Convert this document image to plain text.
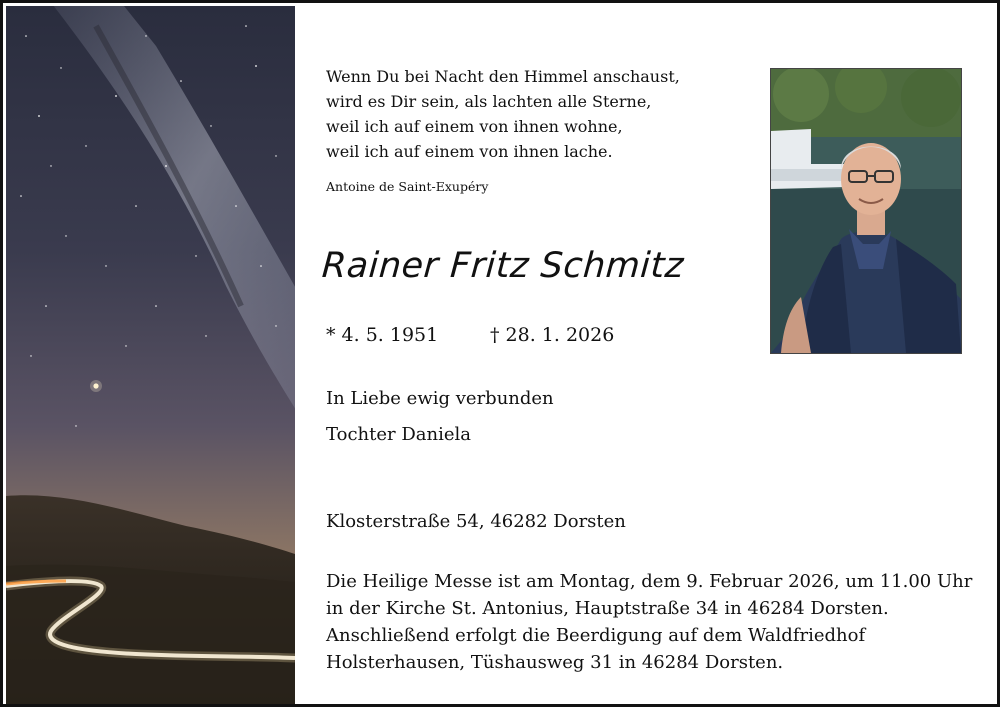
Wenn Du bei Nacht den Himmel anschaust,
wird es Dir sein, als lachten alle Sterne,
weil ich auf einem von ihnen wohne,
weil ich auf einem von ihnen lache.
Antoine de Saint-Exupéry
Rainer Fritz Schmitz
* 4. 5. 1951	† 28. 1. 2026
In Liebe ewig verbunden
Tochter Daniela
Klosterstraße 54, 46282 Dorsten
Die Heilige Messe ist am Montag, dem 9. Februar 2026, um 11.00 Uhr
in der Kirche St. Antonius, Hauptstraße 34 in 46284 Dorsten.
Anschließend erfolgt die Beerdigung auf dem Waldfriedhof
Holsterhausen, Tüshausweg 31 in 46284 Dorsten.
